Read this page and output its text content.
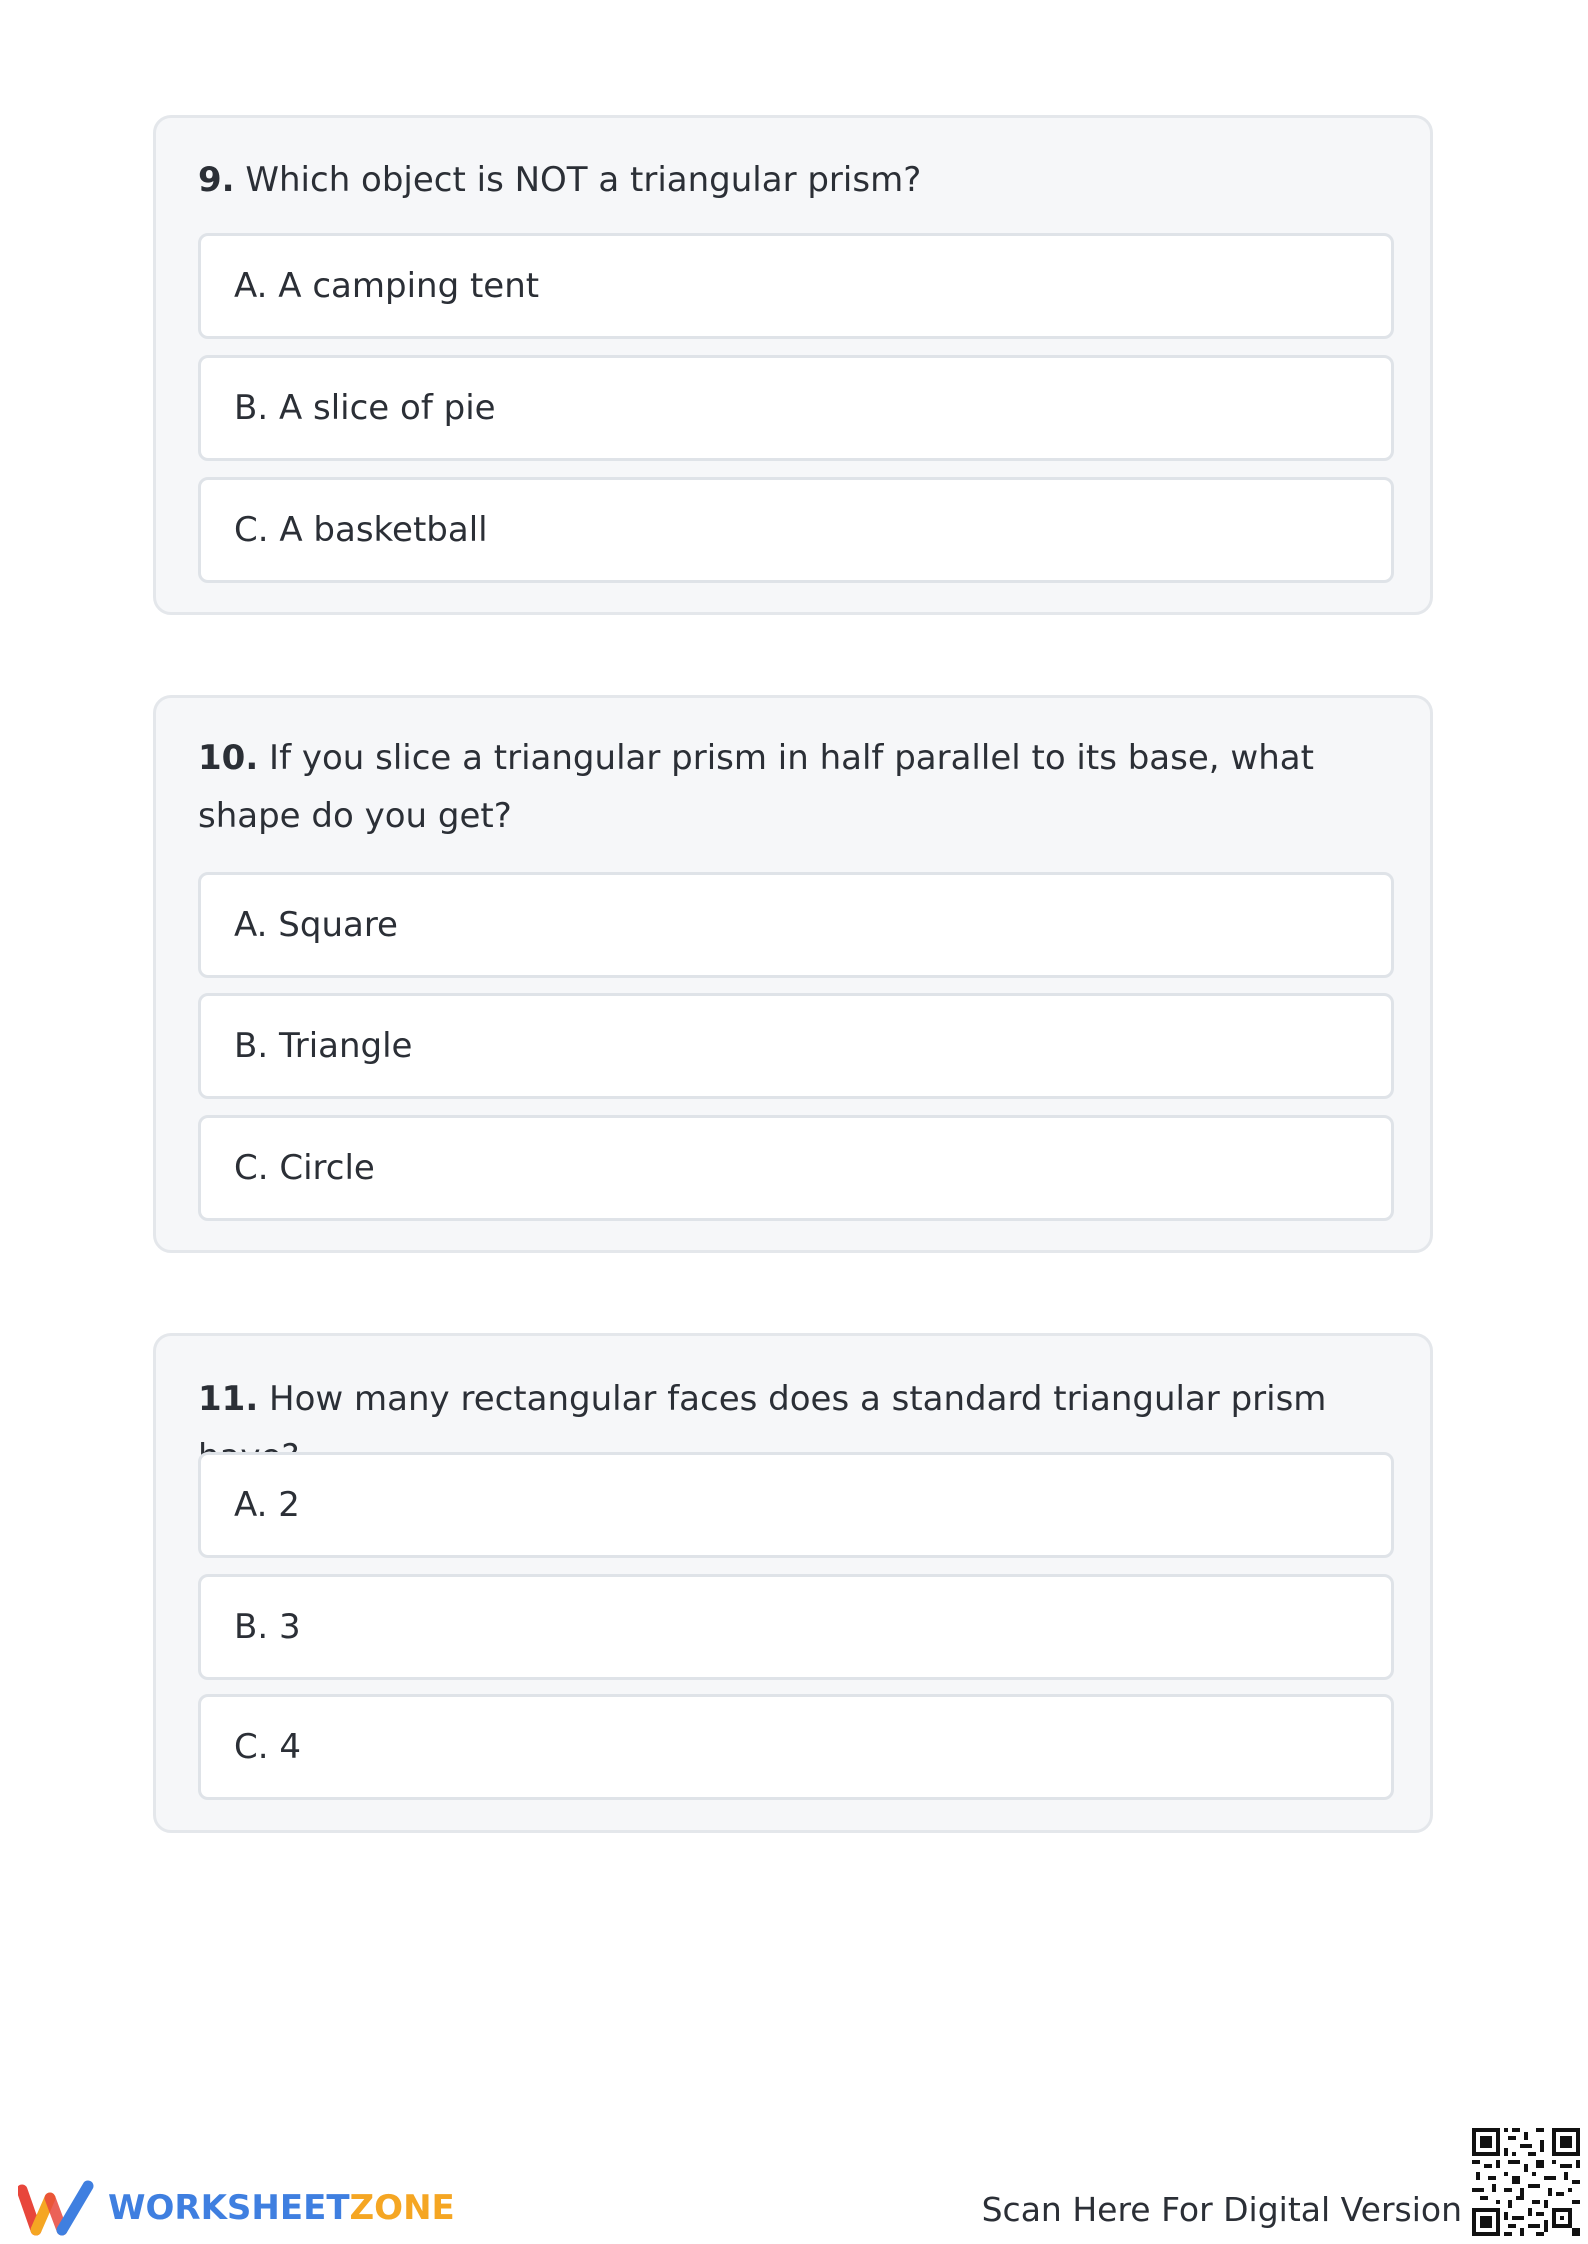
9. Which object is NOT a triangular prism?
A. A camping tent
B. A slice of pie
C. A basketball
10. If you slice a triangular prism in half parallel to its base, what shape do you get?
A. Square
B. Triangle
C. Circle
11. How many rectangular faces does a standard triangular prism
A. 2
B. 3
C. 4
WORKSHEETZONE	Scan Here For Digital Version
